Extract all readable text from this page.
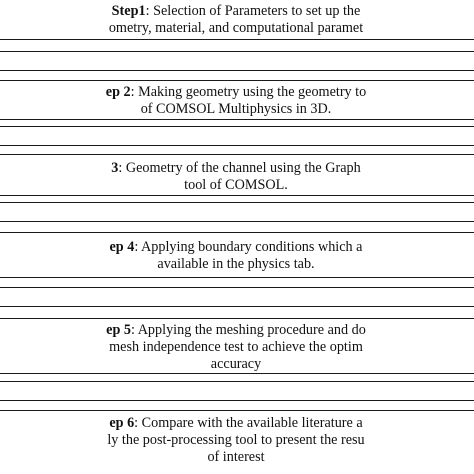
Step1: Selection of Parameters to set up the
ometry, material, and computational paramet
ep 2: Making geometry using the geometry to
of COMSOL Multiphysics in 3D.
3: Geometry of the channel using the Graph
tool of COMSOL.
ep 4: Applying boundary conditions which a
available in the physics tab.
ep 5: Applying the meshing procedure and do
mesh independence test to achieve the optim
accuracy
ep 6: Compare with the available literature a
ly the post-processing tool to present the resu
of interest
